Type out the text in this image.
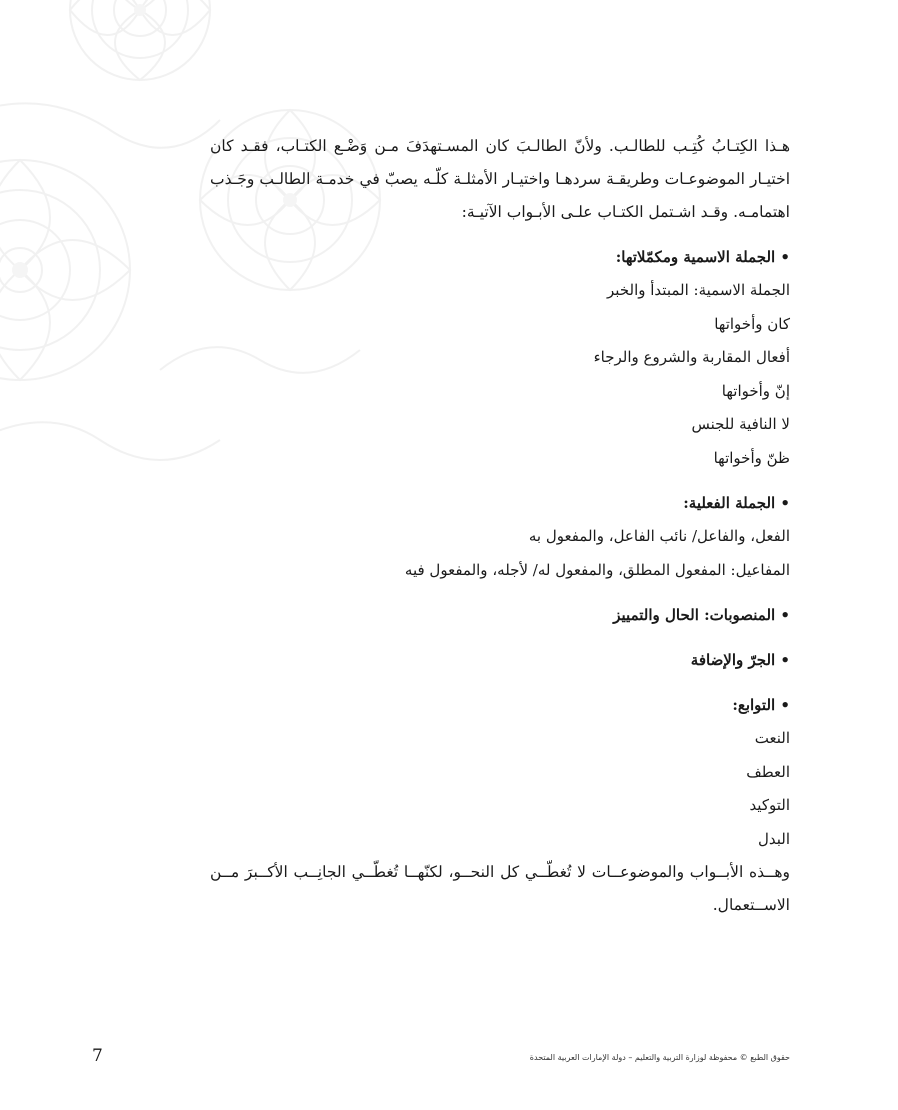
هـذا الكِتـابُ كُتِـب للطالـب. ولأنّ الطالـبَ كان المسـتهدَفَ مـن وَضْـع الكتـاب، فقـد كان اختيـار الموضوعـات وطريقـة سردهـا واختيـار الأمثلـة كلّـه يصبّ في خدمـة الطالـب وجَـذب اهتمامـه. وقـد اشـتمل الكتـاب علـى الأبـواب الآتيـة:

• الجملة الاسمية ومكمّلاتها:

الجملة الاسمية: المبتدأ والخبر

كان وأخواتها

أفعال المقاربة والشروع والرجاء

إنّ وأخواتها

لا النافية للجنس

ظنّ وأخواتها

• الجملة الفعلية:

الفعل، والفاعل/ نائب الفاعل، والمفعول به

المفاعيل: المفعول المطلق، والمفعول له/ لأجله، والمفعول فيه

• المنصوبات: الحال والتمييز

• الجرّ والإضافة

• التوابع:

النعت

العطف

التوكيد

البدل

وهــذه الأبــواب والموضوعــات لا تُغطّــي كل النحــو، لكنّهــا تُغطّــي الجانِــب الأكــبرَ مــن الاســتعمال.

حقوق الطبع © محفوظة لوزارة التربية والتعليم – دولة الإمارات العربية المتحدة
7
